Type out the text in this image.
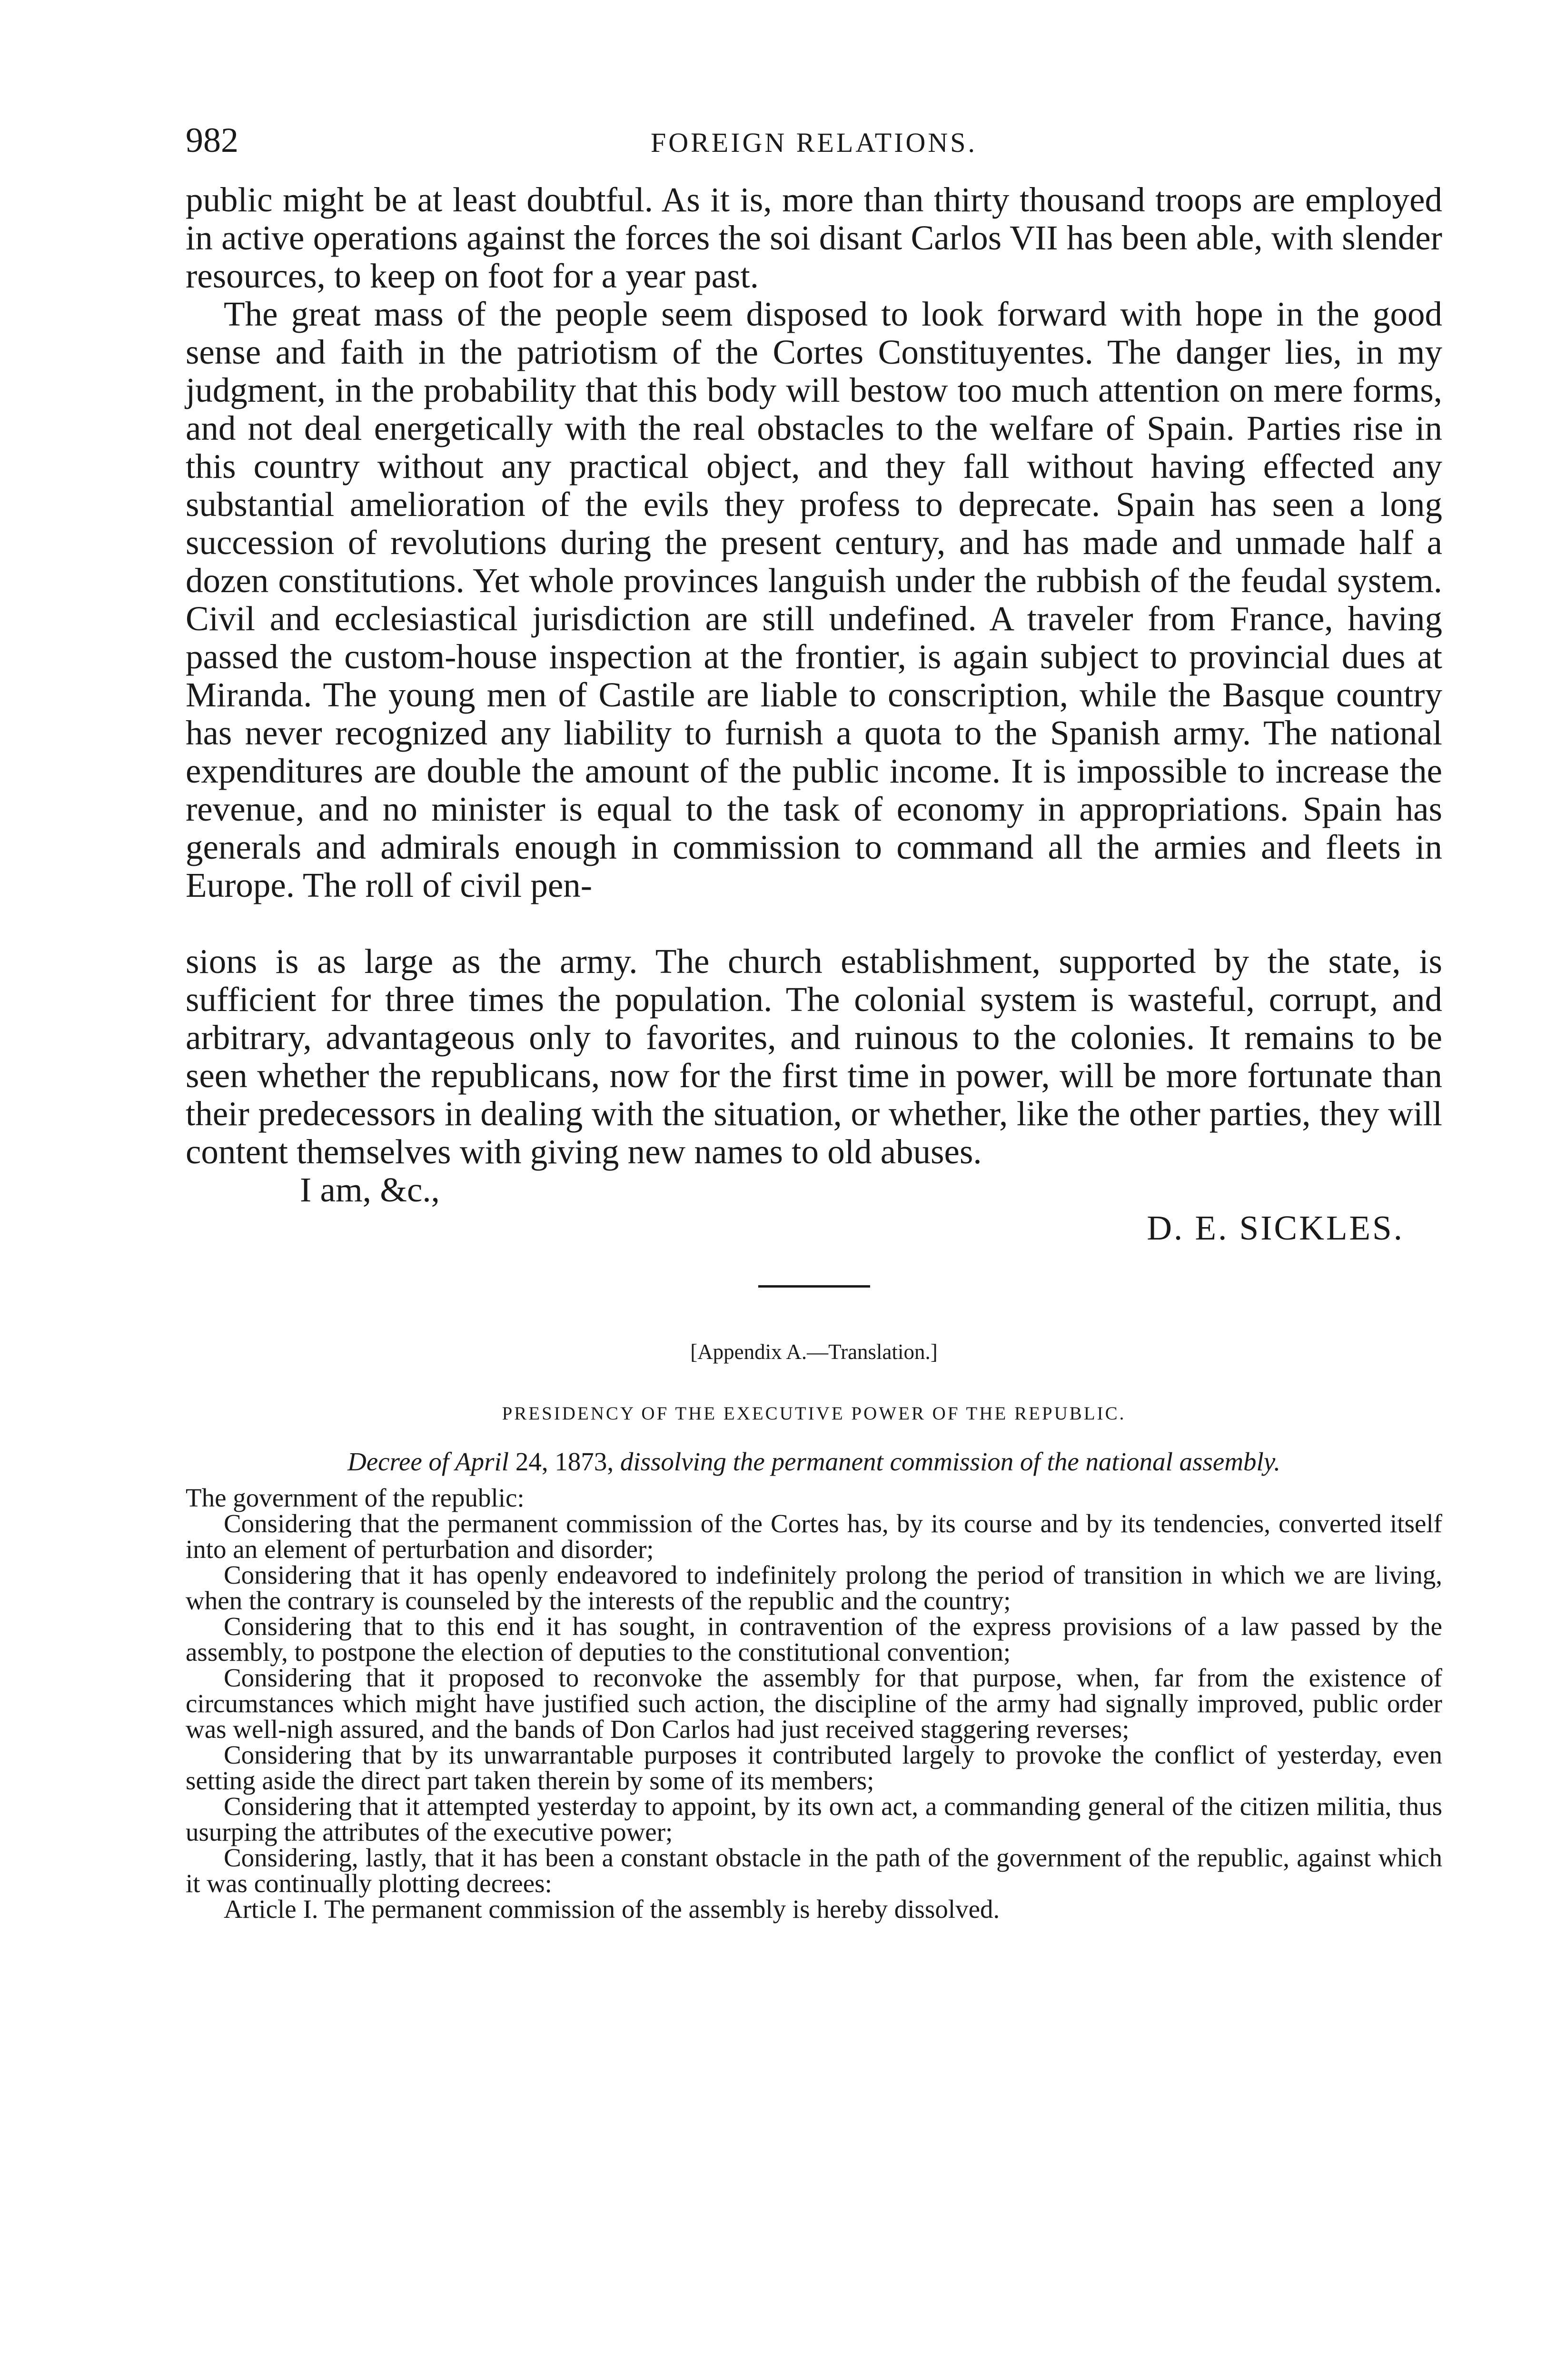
982	FOREIGN RELATIONS.

public might be at least doubtful. As it is, more than thirty thousand troops are employed in active operations against the forces the soi disant Carlos VII has been able, with slender resources, to keep on foot for a year past.

The great mass of the people seem disposed to look forward with hope in the good sense and faith in the patriotism of the Cortes Constituyentes. The danger lies, in my judgment, in the probability that this body will bestow too much attention on mere forms, and not deal energetically with the real obstacles to the welfare of Spain. Parties rise in this country without any practical object, and they fall without having effected any substantial amelioration of the evils they profess to deprecate. Spain has seen a long succession of revolutions during the present century, and has made and unmade half a dozen constitutions. Yet whole provinces languish under the rubbish of the feudal system. Civil and ecclesiastical jurisdiction are still undefined. A traveler from France, having passed the custom-house inspection at the frontier, is again subject to provincial dues at Miranda. The young men of Castile are liable to conscription, while the Basque country has never recognized any liability to furnish a quota to the Spanish army. The national expenditures are double the amount of the public income. It is impossible to increase the revenue, and no minister is equal to the task of economy in appropriations. Spain has generals and admirals enough in commission to command all the armies and fleets in Europe. The roll of civil pen-

sions is as large as the army. The church establishment, supported by the state, is sufficient for three times the population. The colonial system is wasteful, corrupt, and arbitrary, advantageous only to favorites, and ruinous to the colonies. It remains to be seen whether the republicans, now for the first time in power, will be more fortunate than their predecessors in dealing with the situation, or whether, like the other parties, they will content themselves with giving new names to old abuses.

I am, &c.,

D. E. SICKLES.
[Appendix A.—Translation.]
PRESIDENCY OF THE EXECUTIVE POWER OF THE REPUBLIC.
Decree of April 24, 1873, dissolving the permanent commission of the national assembly.

The government of the republic:

Considering that the permanent commission of the Cortes has, by its course and by its tendencies, converted itself into an element of perturbation and disorder;

Considering that it has openly endeavored to indefinitely prolong the period of transition in which we are living, when the contrary is counseled by the interests of the republic and the country;

Considering that to this end it has sought, in contravention of the express provisions of a law passed by the assembly, to postpone the election of deputies to the constitutional convention;

Considering that it proposed to reconvoke the assembly for that purpose, when, far from the existence of circumstances which might have justified such action, the discipline of the army had signally improved, public order was well-nigh assured, and the bands of Don Carlos had just received staggering reverses;

Considering that by its unwarrantable purposes it contributed largely to provoke the conflict of yesterday, even setting aside the direct part taken therein by some of its members;

Considering that it attempted yesterday to appoint, by its own act, a commanding general of the citizen militia, thus usurping the attributes of the executive power;

Considering, lastly, that it has been a constant obstacle in the path of the government of the republic, against which it was continually plotting decrees:

Article I. The permanent commission of the assembly is hereby dissolved.
